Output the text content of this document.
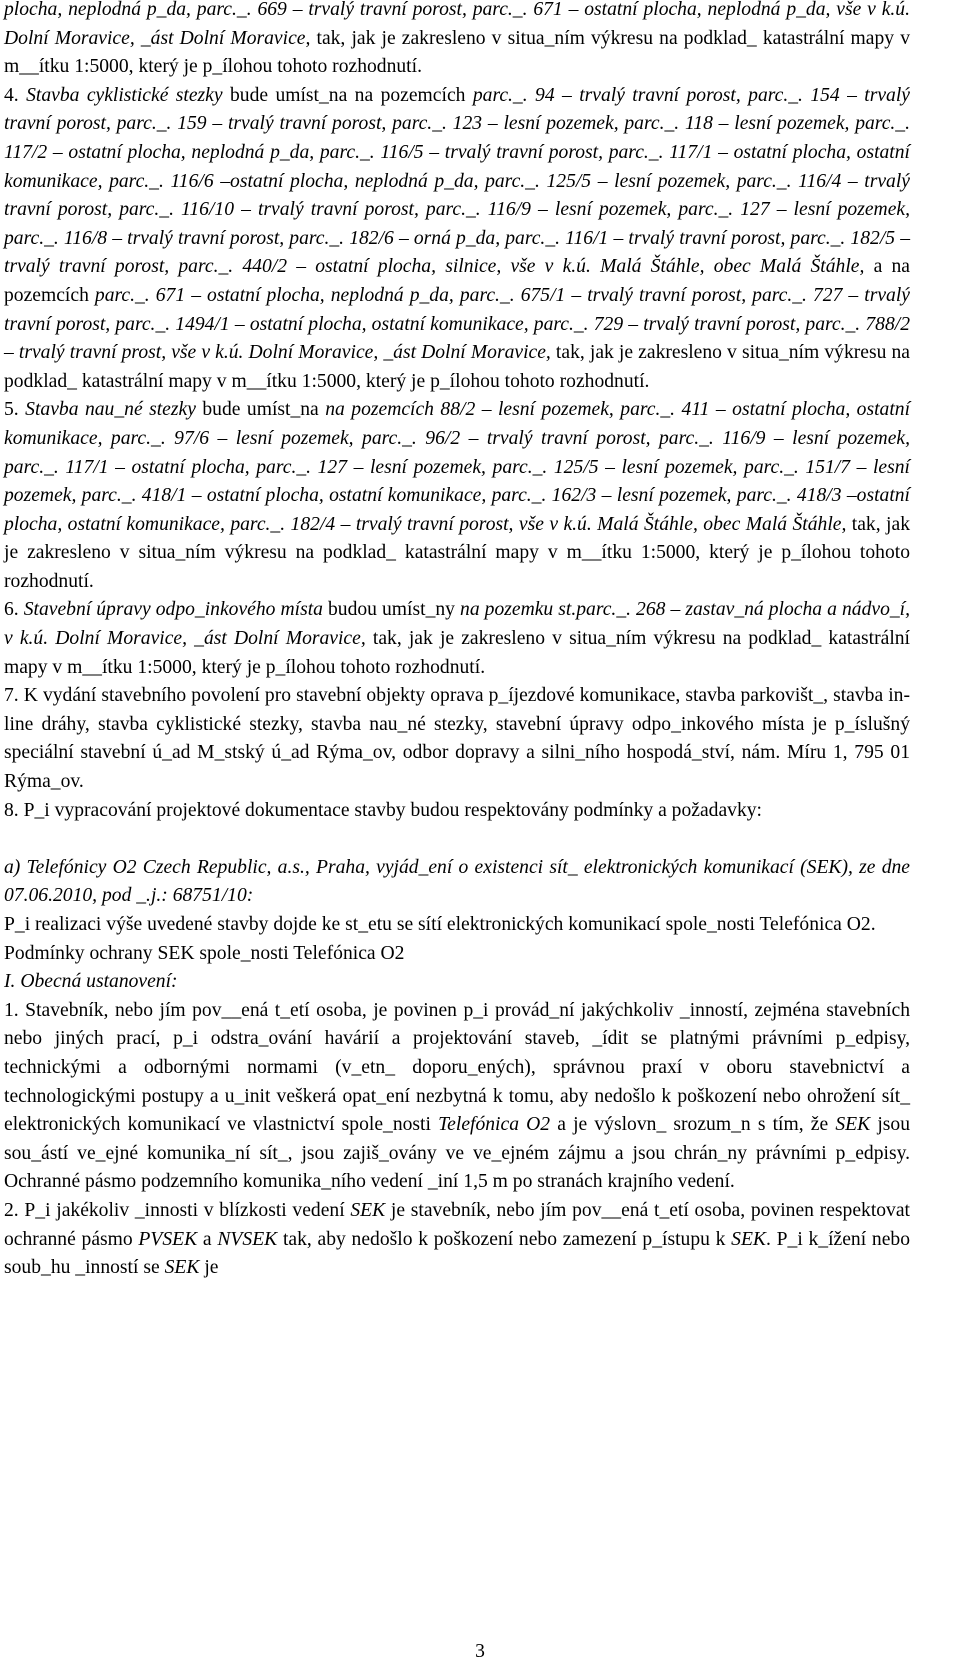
plocha, neplodná p_da, parc._. 669 – trvalý travní porost, parc._. 671 – ostatní plocha, neplodná p_da, vše v k.ú. Dolní Moravice, _ást Dolní Moravice, tak, jak je zakresleno v situa_ním výkresu na podklad_ katastrální mapy v m__ítku 1:5000, který je p_ílohou tohoto rozhodnutí.

4. Stavba cyklistické stezky bude umíst_na na pozemcích parc._. 94 – trvalý travní porost, parc._. 154 – trvalý travní porost, parc._. 159 – trvalý travní porost, parc._. 123 – lesní pozemek, parc._. 118 – lesní pozemek, parc._. 117/2 – ostatní plocha, neplodná p_da, parc._. 116/5 – trvalý travní porost, parc._. 117/1 – ostatní plocha, ostatní komunikace, parc._. 116/6 –ostatní plocha, neplodná p_da, parc._. 125/5 – lesní pozemek, parc._. 116/4 – trvalý travní porost, parc._. 116/10 – trvalý travní porost, parc._. 116/9 – lesní pozemek, parc._. 127 – lesní pozemek, parc._. 116/8 – trvalý travní porost, parc._. 182/6 – orná p_da, parc._. 116/1 – trvalý travní porost, parc._. 182/5 – trvalý travní porost, parc._. 440/2 – ostatní plocha, silnice, vše v k.ú. Malá Štáhle, obec Malá Štáhle, a na pozemcích parc._. 671 – ostatní plocha, neplodná p_da, parc._. 675/1 – trvalý travní porost, parc._. 727 – trvalý travní porost, parc._. 1494/1 – ostatní plocha, ostatní komunikace, parc._. 729 – trvalý travní porost, parc._. 788/2 – trvalý travní prost, vše v k.ú. Dolní Moravice, _ást Dolní Moravice, tak, jak je zakresleno v situa_ním výkresu na podklad_ katastrální mapy v m__ítku 1:5000, který je p_ílohou tohoto rozhodnutí.

5. Stavba nau_né stezky bude umíst_na na pozemcích 88/2 – lesní pozemek, parc._. 411 – ostatní plocha, ostatní komunikace, parc._. 97/6 – lesní pozemek, parc._. 96/2 – trvalý travní porost, parc._. 116/9 – lesní pozemek, parc._. 117/1 – ostatní plocha, parc._. 127 – lesní pozemek, parc._. 125/5 – lesní pozemek, parc._. 151/7 – lesní pozemek, parc._. 418/1 – ostatní plocha, ostatní komunikace, parc._. 162/3 – lesní pozemek, parc._. 418/3 –ostatní plocha, ostatní komunikace, parc._. 182/4 – trvalý travní porost, vše v k.ú. Malá Štáhle, obec Malá Štáhle, tak, jak je zakresleno v situa_ním výkresu na podklad_ katastrální mapy v m__ítku 1:5000, který je p_ílohou tohoto rozhodnutí.

6. Stavební úpravy odpo_inkového místa budou umíst_ny na pozemku st.parc._. 268 – zastav_ná plocha a nádvo_í, v k.ú. Dolní Moravice, _ást Dolní Moravice, tak, jak je zakresleno v situa_ním výkresu na podklad_ katastrální mapy v m__ítku 1:5000, který je p_ílohou tohoto rozhodnutí.

7. K vydání stavebního povolení pro stavební objekty oprava p_íjezdové komunikace, stavba parkovišt_, stavba in-line dráhy, stavba cyklistické stezky, stavba nau_né stezky, stavební úpravy odpo_inkového místa je p_íslušný speciální stavební ú_ad M_stský ú_ad Rýma_ov, odbor dopravy a silni_ního hospodá_ství, nám. Míru 1, 795 01 Rýma_ov.

8. P_i vypracování projektové dokumentace stavby budou respektovány podmínky a požadavky:

a) Telefónicy O2 Czech Republic, a.s., Praha, vyjád_ení o existenci sít_ elektronických komunikací (SEK), ze dne 07.06.2010, pod _.j.: 68751/10:

P_i realizaci výše uvedené stavby dojde ke st_etu se sítí elektronických komunikací spole_nosti Telefónica O2.

Podmínky ochrany SEK spole_nosti Telefónica O2

I. Obecná ustanovení:

1. Stavebník, nebo jím pov__ená t_etí osoba, je povinen p_i provád_ní jakýchkoliv _inností, zejména stavebních nebo jiných prací, p_i odstra_ování havárií a projektování staveb, _ídit se platnými právními p_edpisy, technickými a odbornými normami (v_etn_ doporu_ených), správnou praxí v oboru stavebnictví a technologickými postupy a u_init veškerá opat_ení nezbytná k tomu, aby nedošlo k poškození nebo ohrožení sít_ elektronických komunikací ve vlastnictví spole_nosti Telefónica O2 a je výslovn_ srozum_n s tím, že SEK jsou sou_ástí ve_ejné komunika_ní sít_, jsou zajiš_ovány ve ve_ejném zájmu a jsou chrán_ny právními p_edpisy. Ochranné pásmo podzemního komunika_ního vedení _iní 1,5 m po stranách krajního vedení.

2. P_i jakékoliv _innosti v blízkosti vedení SEK je stavebník, nebo jím pov__ená t_etí osoba, povinen respektovat ochranné pásmo PVSEK a NVSEK tak, aby nedošlo k poškození nebo zamezení p_ístupu k SEK. P_i k_ížení nebo soub_hu _inností se SEK je

3
